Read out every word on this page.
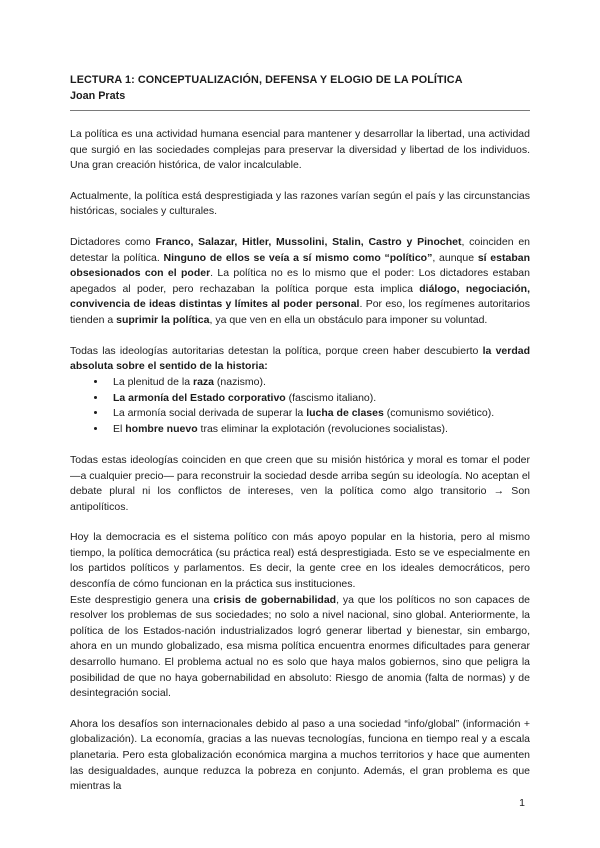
LECTURA 1: CONCEPTUALIZACIÓN, DEFENSA Y ELOGIO DE LA POLÍTICA
Joan Prats

La política es una actividad humana esencial para mantener y desarrollar la libertad, una actividad que surgió en las sociedades complejas para preservar la diversidad y libertad de los individuos. Una gran creación histórica, de valor incalculable.

Actualmente, la política está desprestigiada y las razones varían según el país y las circunstancias históricas, sociales y culturales.

Dictadores como Franco, Salazar, Hitler, Mussolini, Stalin, Castro y Pinochet, coinciden en detestar la política. Ninguno de ellos se veía a sí mismo como “político”, aunque sí estaban obsesionados con el poder. La política no es lo mismo que el poder: Los dictadores estaban apegados al poder, pero rechazaban la política porque esta implica diálogo, negociación, convivencia de ideas distintas y límites al poder personal. Por eso, los regímenes autoritarios tienden a suprimir la política, ya que ven en ella un obstáculo para imponer su voluntad.

Todas las ideologías autoritarias detestan la política, porque creen haber descubierto la verdad absoluta sobre el sentido de la historia:

• La plenitud de la raza (nazismo).
• La armonía del Estado corporativo (fascismo italiano).
• La armonía social derivada de superar la lucha de clases (comunismo soviético).
• El hombre nuevo tras eliminar la explotación (revoluciones socialistas).

Todas estas ideologías coinciden en que creen que su misión histórica y moral es tomar el poder —a cualquier precio— para reconstruir la sociedad desde arriba según su ideología. No aceptan el debate plural ni los conflictos de intereses, ven la política como algo transitorio → Son antipolíticos.

Hoy la democracia es el sistema político con más apoyo popular en la historia, pero al mismo tiempo, la política democrática (su práctica real) está desprestigiada. Esto se ve especialmente en los partidos políticos y parlamentos. Es decir, la gente cree en los ideales democráticos, pero desconfía de cómo funcionan en la práctica sus instituciones.

Este desprestigio genera una crisis de gobernabilidad, ya que los políticos no son capaces de resolver los problemas de sus sociedades; no solo a nivel nacional, sino global. Anteriormente, la política de los Estados-nación industrializados logró generar libertad y bienestar, sin embargo, ahora en un mundo globalizado, esa misma política encuentra enormes dificultades para generar desarrollo humano. El problema actual no es solo que haya malos gobiernos, sino que peligra la posibilidad de que no haya gobernabilidad en absoluto: Riesgo de anomia (falta de normas) y de desintegración social.

Ahora los desafíos son internacionales debido al paso a una sociedad “info/global” (información + globalización). La economía, gracias a las nuevas tecnologías, funciona en tiempo real y a escala planetaria. Pero esta globalización económica margina a muchos territorios y hace que aumenten las desigualdades, aunque reduzca la pobreza en conjunto. Además, el gran problema es que mientras la

1
